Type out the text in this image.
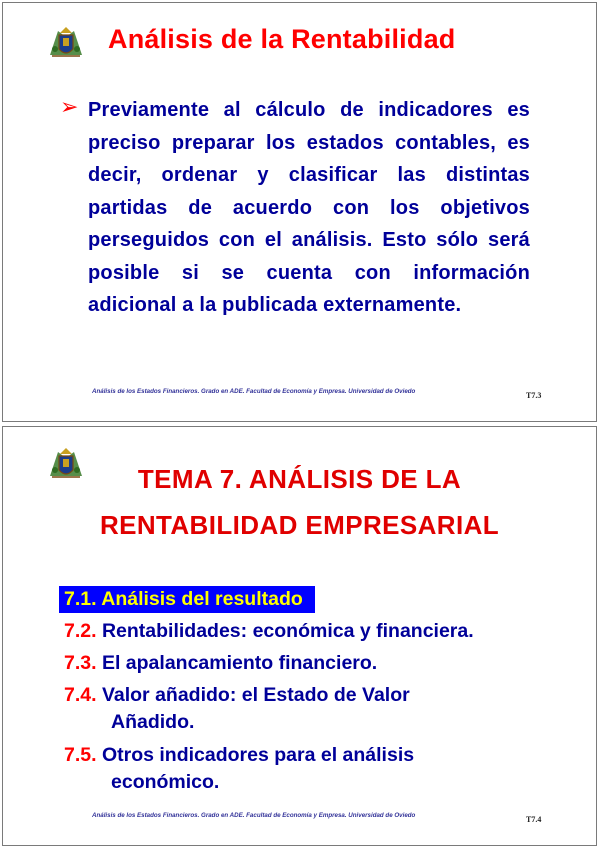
Análisis de la Rentabilidad
➢ Previamente al cálculo de indicadores es preciso preparar los estados contables, es decir, ordenar y clasificar las distintas partidas de acuerdo con los objetivos perseguidos con el análisis. Esto sólo será posible si se cuenta con información adicional a la publicada externamente.

Análisis de los Estados Financieros. Grado en ADE. Facultad de Economía y Empresa. Universidad de Oviedo	T7.3
TEMA 7. ANÁLISIS DE LA
RENTABILIDAD EMPRESARIAL
7.1. Análisis del resultado
7.2. Rentabilidades: económica y financiera.
7.3. El apalancamiento financiero.
7.4. Valor añadido: el Estado de Valor
Añadido.
7.5. Otros indicadores para el análisis
económico.
Análisis de los Estados Financieros. Grado en ADE. Facultad de Economía y Empresa. Universidad de Oviedo	T7.4
